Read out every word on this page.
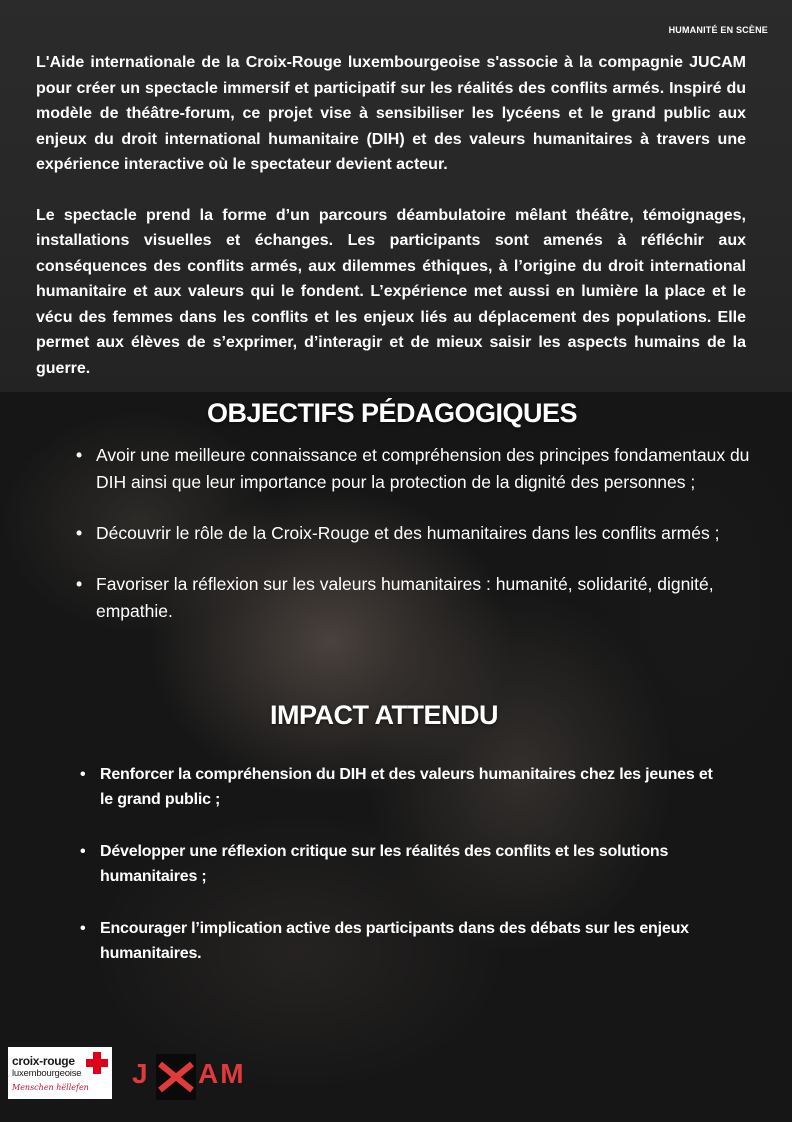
HUMANITÉ EN SCÈNE

L'Aide internationale de la Croix-Rouge luxembourgeoise s'associe à la compagnie JUCAM pour créer un spectacle immersif et participatif sur les réalités des conflits armés. Inspiré du modèle de théâtre-forum, ce projet vise à sensibiliser les lycéens et le grand public aux enjeux du droit international humanitaire (DIH) et des valeurs humanitaires à travers une expérience interactive où le spectateur devient acteur.

Le spectacle prend la forme d’un parcours déambulatoire mêlant théâtre, témoignages, installations visuelles et échanges. Les participants sont amenés à réfléchir aux conséquences des conflits armés, aux dilemmes éthiques, à l’origine du droit international humanitaire et aux valeurs qui le fondent. L’expérience met aussi en lumière la place et le vécu des femmes dans les conflits et les enjeux liés au déplacement des populations. Elle permet aux élèves de s’exprimer, d’interagir et de mieux saisir les aspects humains de la guerre.

OBJECTIFS PÉDAGOGIQUES
• Avoir une meilleure connaissance et compréhension des principes fondamentaux du DIH ainsi que leur importance pour la protection de la dignité des personnes ;
• Découvrir le rôle de la Croix-Rouge et des humanitaires dans les conflits armés ;
• Favoriser la réflexion sur les valeurs humanitaires : humanité, solidarité, dignité, empathie.
IMPACT ATTENDU
• Renforcer la compréhension du DIH et des valeurs humanitaires chez les jeunes et le grand public ;
• Développer une réflexion critique sur les réalités des conflits et les solutions humanitaires ;
• Encourager l’implication active des participants dans des débats sur les enjeux humanitaires.
croix-rouge
luxembourgeoise
Menschen hëllefen J AM
